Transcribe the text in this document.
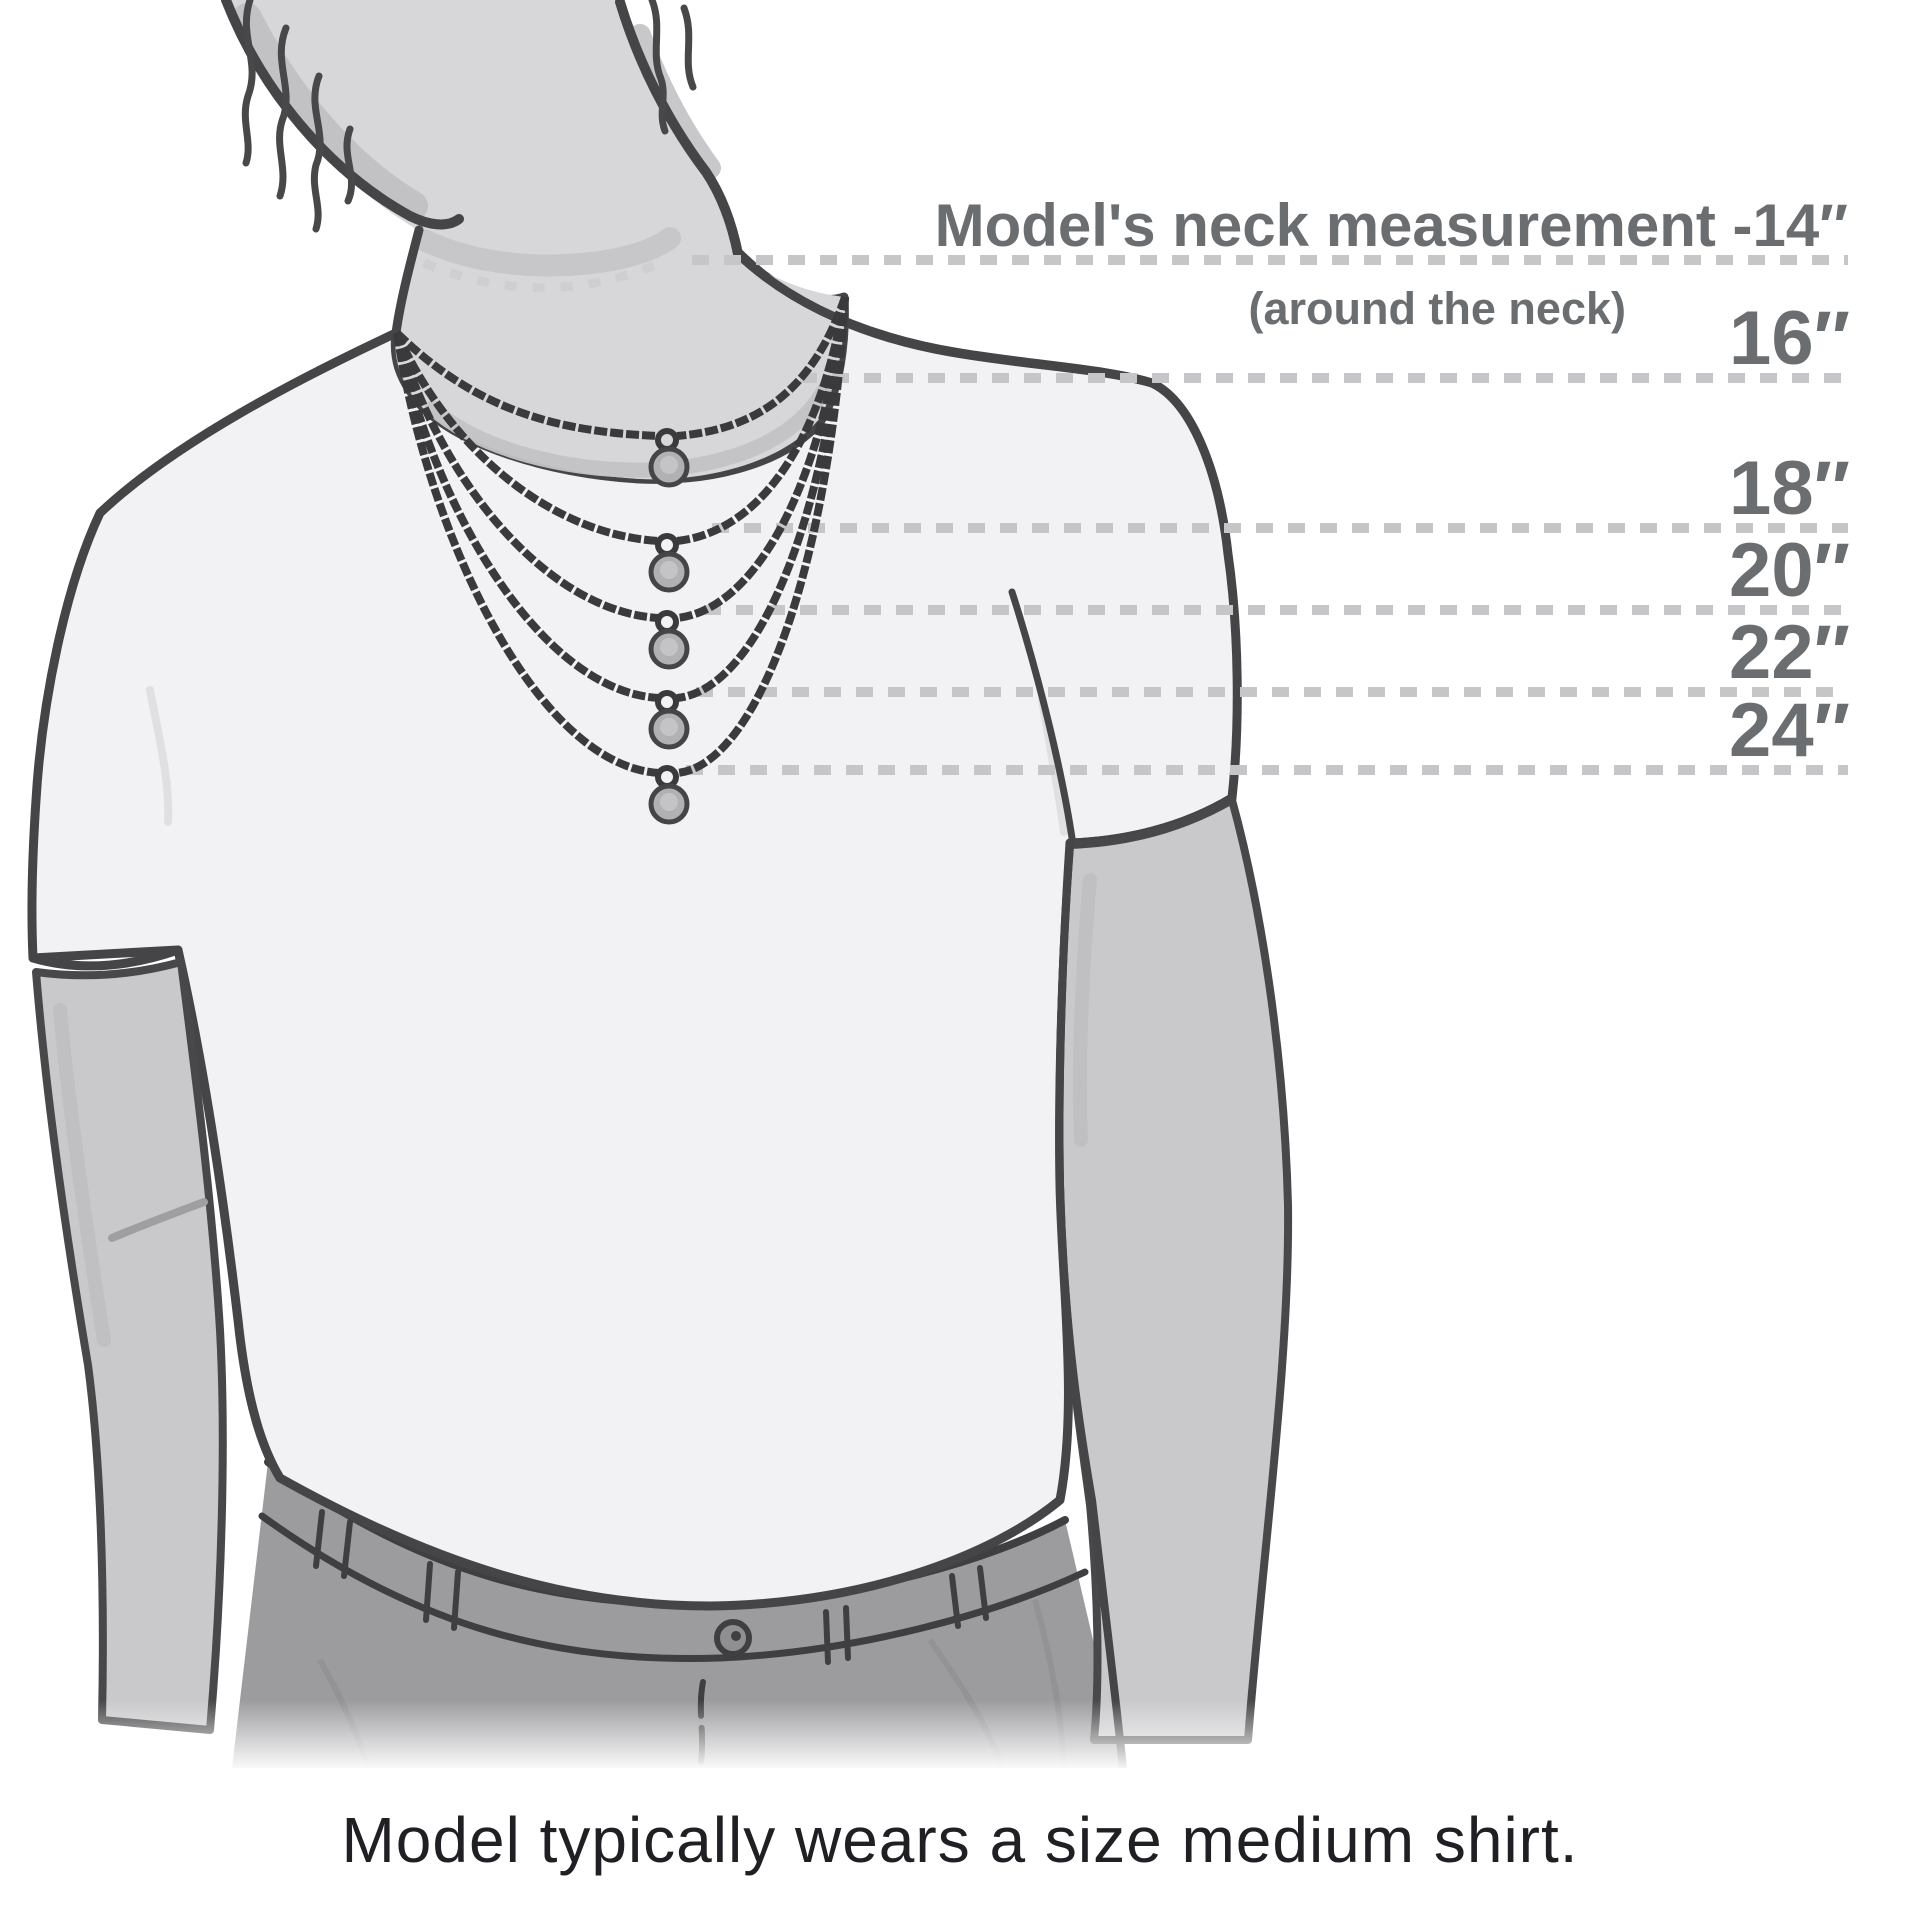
Model's neck measurement -14″
(around the neck) 16″
18″
20″
22″
24″
Model typically wears a size medium shirt.
